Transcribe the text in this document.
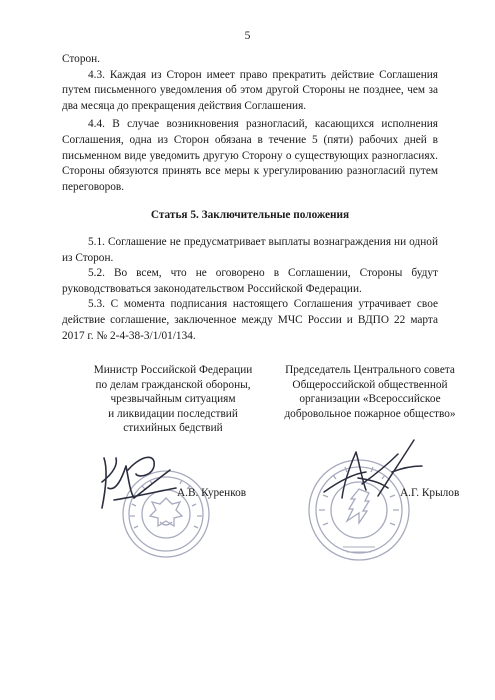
5

Сторон.

4.3. Каждая из Сторон имеет право прекратить действие Соглашения путем письменного уведомления об этом другой Стороны не позднее, чем за два месяца до прекращения действия Соглашения.

4.4. В случае возникновения разногласий, касающихся исполнения Соглашения, одна из Сторон обязана в течение 5 (пяти) рабочих дней в письменном виде уведомить другую Сторону о существующих разногласиях. Стороны обязуются принять все меры к урегулированию разногласий путем переговоров.

Статья 5. Заключительные положения

5.1. Соглашение не предусматривает выплаты вознаграждения ни одной из Сторон.

5.2. Во всем, что не оговорено в Соглашении, Стороны будут руководствоваться законодательством Российской Федерации.

5.3. С момента подписания настоящего Соглашения утрачивает свое действие соглашение, заключенное между МЧС России и ВДПО 22 марта 2017 г. № 2-4-38-3/1/01/134.

Министр Российской Федерации
по делам гражданской обороны,
чрезвычайным ситуациям
и ликвидации последствий
стихийных бедствий
Председатель Центрального совета
Общероссийской общественной
организации «Всероссийское
добровольное пожарное общество»
А.В. Куренков	А.Г. Крылов
